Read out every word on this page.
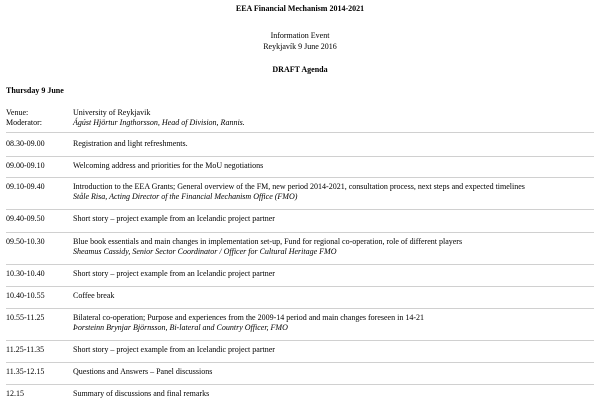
EEA Financial Mechanism 2014-2021
Information Event
Reykjavík 9 June 2016
DRAFT Agenda
Thursday 9 June
Venue:	University of Reykjavik
Moderator:	Ágúst Hjörtur Ingthorsson, Head of Division, Rannis.
08.30-09.00	Registration and light refreshments.
09.00-09.10	Welcoming address and priorities for the MoU negotiations
09.10-09.40	Introduction to the EEA Grants; General overview of the FM, new period 2014-2021, consultation process, next steps and expected timelines
Ståle Risa, Acting Director of the Financial Mechanism Office (FMO)
09.40-09.50	Short story – project example from an Icelandic project partner
09.50-10.30	Blue book essentials and main changes in implementation set-up, Fund for regional co-operation, role of different players
Sheamus Cassidy, Senior Sector Coordinator / Officer for Cultural Heritage FMO
10.30-10.40	Short story – project example from an Icelandic project partner
10.40-10.55	Coffee break
10.55-11.25	Bilateral co-operation; Purpose and experiences from the 2009-14 period and main changes foreseen in 14-21
Þorsteinn Brynjar Björnsson, Bi-lateral and Country Officer, FMO
11.25-11.35	Short story – project example from an Icelandic project partner
11.35-12.15	Questions and Answers – Panel discussions
12.15	Summary of discussions and final remarks
